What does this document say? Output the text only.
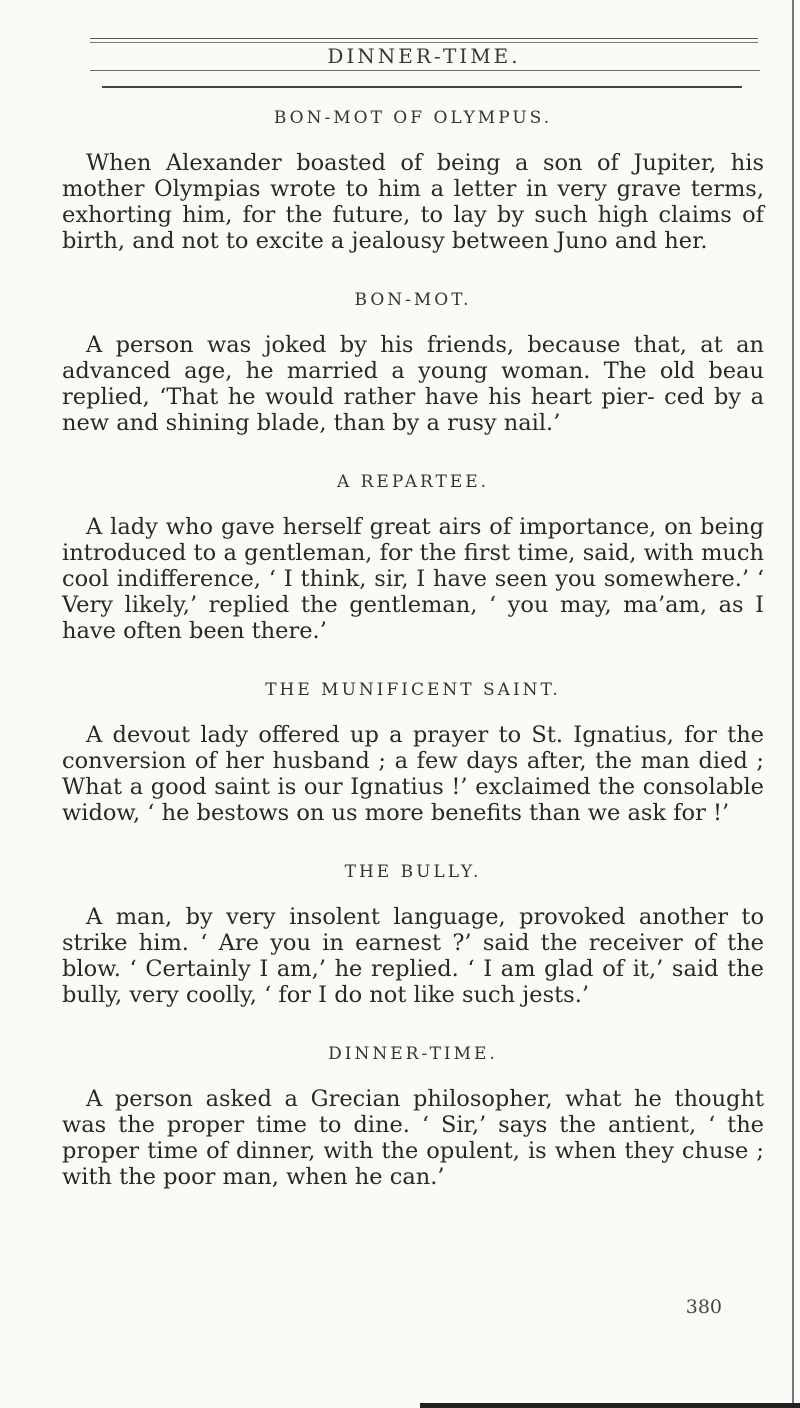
DINNER-TIME.
BON-MOT OF OLYMPUS.

When Alexander boasted of being a son of Jupiter, his mother Olympias wrote to him a letter in very grave terms, exhorting him, for the future, to lay by such high claims of birth, and not to excite a jealousy between Juno and her.

BON-MOT.

A person was joked by his friends, because that, at an advanced age, he married a young woman. The old beau replied, ‘That he would rather have his heart pier- ced by a new and shining blade, than by a rusy nail.’

A REPARTEE.

A lady who gave herself great airs of importance, on being introduced to a gentleman, for the first time, said, with much cool indifference, ‘ I think, sir, I have seen you somewhere.’ ‘ Very likely,’ replied the gentleman, ‘ you may, ma’am, as I have often been there.’

THE MUNIFICENT SAINT.

A devout lady offered up a prayer to St. Ignatius, for the conversion of her husband ; a few days after, the man died ; What a good saint is our Ignatius !’ exclaimed the consolable widow, ‘ he bestows on us more benefits than we ask for !’

THE BULLY.

A man, by very insolent language, provoked another to strike him. ‘ Are you in earnest ?’ said the receiver of the blow. ‘ Certainly I am,’ he replied. ‘ I am glad of it,’ said the bully, very coolly, ‘ for I do not like such jests.’

DINNER-TIME.

A person asked a Grecian philosopher, what he thought was the proper time to dine. ‘ Sir,’ says the antient, ‘ the proper time of dinner, with the opulent, is when they chuse ; with the poor man, when he can.’

380
